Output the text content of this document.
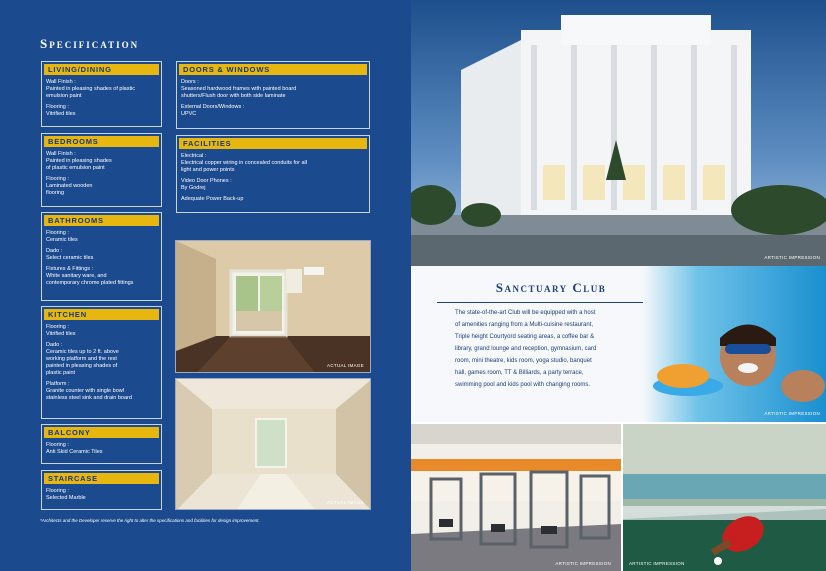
Specification
LIVING/DINING
Wall Finish :
Painted in pleasing shades of plastic
emulsion paint
Flooring :
Vitrified tiles
BEDROOMS
Wall Finish :
Painted in pleasing shades
of plastic emulsion paint
Flooring :
Laminated wooden
flooring
BATHROOMS
Flooring :
Ceramic tiles
Dado :
Select ceramic tiles
Fixtures & Fittings :
White sanitary ware, and
contemporary chrome plated fittings
KITCHEN
Flooring :
Vitrified tiles
Dado :
Ceramic tiles up to 2 ft. above
working platform and the rest
painted in pleasing shades of
plastic paint
Platform :
Granite counter with single bowl
stainless steel sink and drain board
BALCONY
Flooring :
Anti Skid Ceramic Tiles
STAIRCASE
Flooring :
Selected Marble
DOORS & WINDOWS
Doors :
Seasoned hardwood frames with painted board
shutters/Flush door with both side laminate
External Doors/Windows :
UPVC
FACILITIES
Electrical :
Electrical copper wiring in concealed conduits for all
light and power points
Video Door Phones :
By Godrej
Adequate Power Back-up
ACTUAL IMAGE
ACTUAL IMAGE
*Architects and the Developer reserve the right to alter the specifications and facilities for design improvement.
ARTISTIC IMPRESSION
Sanctuary Club
The state-of-the-art Club will be equipped with a host
of amenities ranging from a Multi-cuisine restaurant,
Triple height Courtyord seating areas, a coffee bar &
library, grand lounge and reception, gymnasium, card
room, mini theatre, kids room, yoga studio, banquet
hall, games room, TT & Billiards, a party terrace,
swimming pool and kids pool with changing rooms.
ARTISTIC IMPRESSION
ARTISTIC IMPRESSION	ARTISTIC IMPRESSION
